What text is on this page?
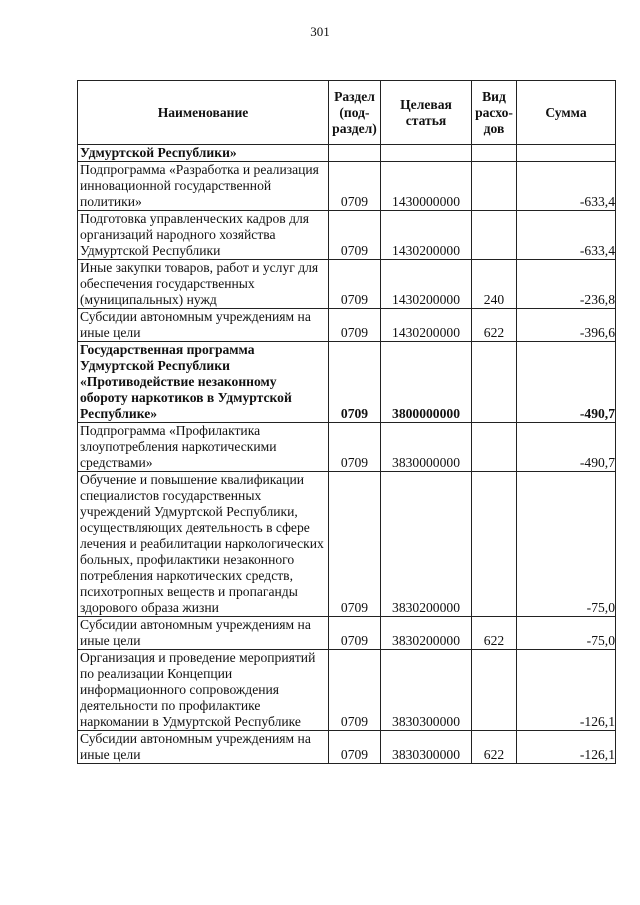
301
Наименование	Раздел (под-раздел)	Целевая статья	Вид расхо-дов	Сумма
Удмуртской Республики»				
Подпрограмма «Разработка и реализация инновационной государственной политики»	0709	1430000000		-633,4
Подготовка управленческих кадров для организаций народного хозяйства Удмуртской Республики	0709	1430200000		-633,4
Иные закупки товаров, работ и услуг для обеспечения государственных (муниципальных) нужд	0709	1430200000	240	-236,8
Субсидии автономным учреждениям на иные цели	0709	1430200000	622	-396,6
Государственная программа Удмуртской Республики «Противодействие незаконному обороту наркотиков в Удмуртской Республике»	0709	3800000000		-490,7
Подпрограмма «Профилактика злоупотребления наркотическими средствами»	0709	3830000000		-490,7
Обучение и повышение квалификации специалистов государственных учреждений Удмуртской Республики, осуществляющих деятельность в сфере лечения и реабилитации наркологических больных, профилактики незаконного потребления наркотических средств, психотропных веществ и пропаганды здорового образа жизни	0709	3830200000		-75,0
Субсидии автономным учреждениям на иные цели	0709	3830200000	622	-75,0
Организация и проведение мероприятий по реализации Концепции информационного сопровождения деятельности по профилактике наркомании в Удмуртской Республике	0709	3830300000		-126,1
Субсидии автономным учреждениям на иные цели	0709	3830300000	622	-126,1
